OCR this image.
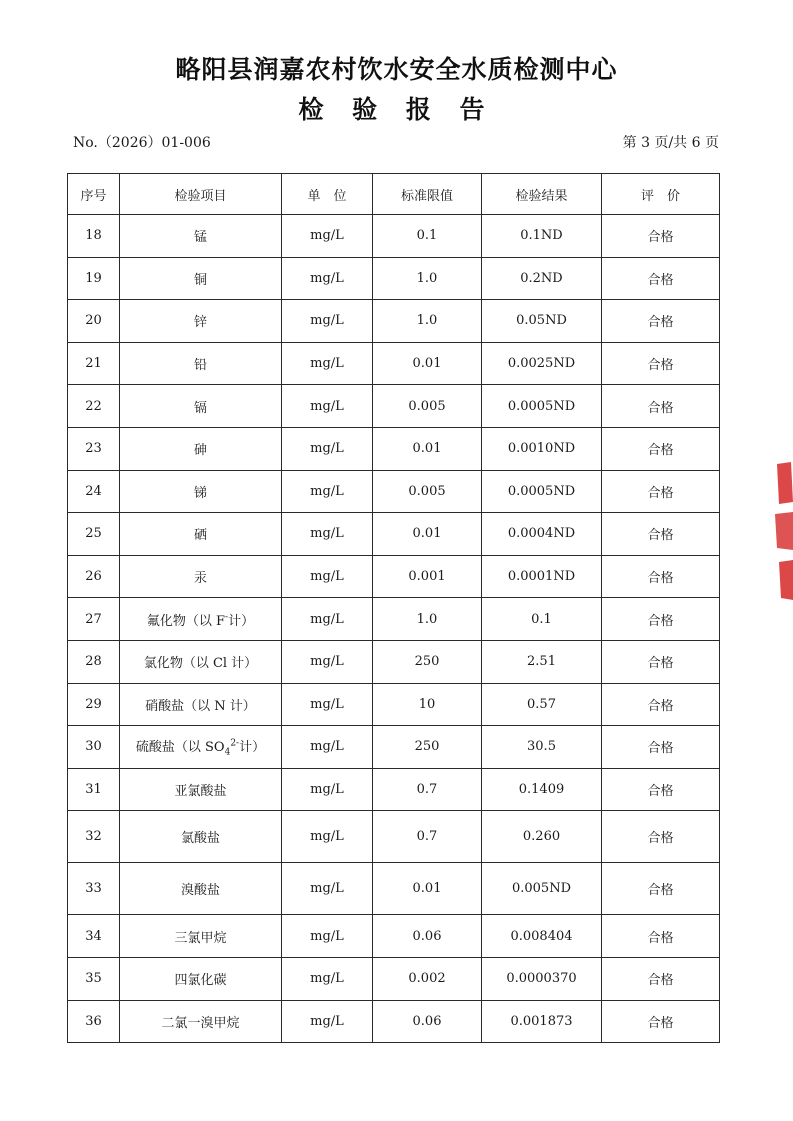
略阳县润嘉农村饮水安全水质检测中心
检 验 报 告
No.（2026）01-006	第 3 页/共 6 页
序号	检验项目	单　位	标准限值	检验结果	评　价
18	锰	mg/L	0.1	0.1ND	合格
19	铜	mg/L	1.0	0.2ND	合格
20	锌	mg/L	1.0	0.05ND	合格
21	铅	mg/L	0.01	0.0025ND	合格
22	镉	mg/L	0.005	0.0005ND	合格
23	砷	mg/L	0.01	0.0010ND	合格
24	锑	mg/L	0.005	0.0005ND	合格
25	硒	mg/L	0.01	0.0004ND	合格
26	汞	mg/L	0.001	0.0001ND	合格
27	氟化物（以 F-计）	mg/L	1.0	0.1	合格
28	氯化物（以 Cl 计）	mg/L	250	2.51	合格
29	硝酸盐（以 N 计）	mg/L	10	0.57	合格
30	硫酸盐（以 $SO_4^{2-}$计）	mg/L	250	30.5	合格
31	亚氯酸盐	mg/L	0.7	0.1409	合格
32	氯酸盐	mg/L	0.7	0.260	合格
33	溴酸盐	mg/L	0.01	0.005ND	合格
34	三氯甲烷	mg/L	0.06	0.008404	合格
35	四氯化碳	mg/L	0.002	0.0000370	合格
36	二氯一溴甲烷	mg/L	0.06	0.001873	合格
